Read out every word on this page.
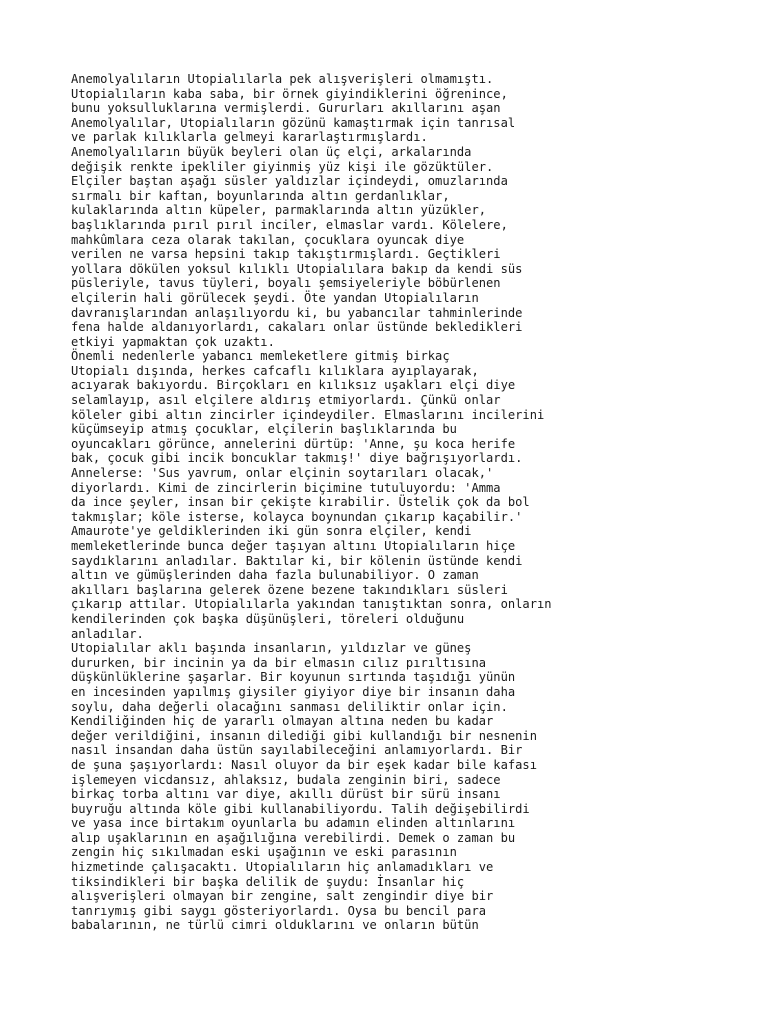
Anemolyalıların Utopialılarla pek alışverişleri olmamıştı.
Utopialıların kaba saba, bir örnek giyindiklerini öğrenince,
bunu yoksulluklarına vermişlerdi. Gururları akıllarını aşan
Anemolyalılar, Utopialıların gözünü kamaştırmak için tanrısal
ve parlak kılıklarla gelmeyi kararlaştırmışlardı.
Anemolyalıların büyük beyleri olan üç elçi, arkalarında
değişik renkte ipekliler giyinmiş yüz kişi ile gözüktüler.
Elçiler baştan aşağı süsler yaldızlar içindeydi, omuzlarında
sırmalı bir kaftan, boyunlarında altın gerdanlıklar,
kulaklarında altın küpeler, parmaklarında altın yüzükler,
başlıklarında pırıl pırıl inciler, elmaslar vardı. Kölelere,
mahkûmlara ceza olarak takılan, çocuklara oyuncak diye
verilen ne varsa hepsini takıp takıştırmışlardı. Geçtikleri
yollara dökülen yoksul kılıklı Utopialılara bakıp da kendi süs
püsleriyle, tavus tüyleri, boyalı şemsiyeleriyle böbürlenen
elçilerin hali görülecek şeydi. Öte yandan Utopialıların
davranışlarından anlaşılıyordu ki, bu yabancılar tahminlerinde
fena halde aldanıyorlardı, cakaları onlar üstünde bekledikleri
etkiyi yapmaktan çok uzaktı.
Önemli nedenlerle yabancı memleketlere gitmiş birkaç
Utopialı dışında, herkes cafcaflı kılıklara ayıplayarak,
acıyarak bakıyordu. Birçokları en kılıksız uşakları elçi diye
selamlayıp, asıl elçilere aldırış etmiyorlardı. Çünkü onlar
köleler gibi altın zincirler içindeydiler. Elmaslarını incilerini
küçümseyip atmış çocuklar, elçilerin başlıklarında bu
oyuncakları görünce, annelerini dürtüp: 'Anne, şu koca herife
bak, çocuk gibi incik boncuklar takmış!' diye bağrışıyorlardı.
Annelerse: 'Sus yavrum, onlar elçinin soytarıları olacak,'
diyorlardı. Kimi de zincirlerin biçimine tutuluyordu: 'Amma
da ince şeyler, insan bir çekişte kırabilir. Üstelik çok da bol
takmışlar; köle isterse, kolayca boynundan çıkarıp kaçabilir.'
Amaurote'ye geldiklerinden iki gün sonra elçiler, kendi
memleketlerinde bunca değer taşıyan altını Utopialıların hiçe
saydıklarını anladılar. Baktılar ki, bir kölenin üstünde kendi
altın ve gümüşlerinden daha fazla bulunabiliyor. O zaman
akılları başlarına gelerek özene bezene takındıkları süsleri
çıkarıp attılar. Utopialılarla yakından tanıştıktan sonra, onların
kendilerinden çok başka düşünüşleri, töreleri olduğunu
anladılar.
Utopialılar aklı başında insanların, yıldızlar ve güneş
dururken, bir incinin ya da bir elmasın cılız pırıltısına
düşkünlüklerine şaşarlar. Bir koyunun sırtında taşıdığı yünün
en incesinden yapılmış giysiler giyiyor diye bir insanın daha
soylu, daha değerli olacağını sanması deliliktir onlar için.
Kendiliğinden hiç de yararlı olmayan altına neden bu kadar
değer verildiğini, insanın dilediği gibi kullandığı bir nesnenin
nasıl insandan daha üstün sayılabileceğini anlamıyorlardı. Bir
de şuna şaşıyorlardı: Nasıl oluyor da bir eşek kadar bile kafası
işlemeyen vicdansız, ahlaksız, budala zenginin biri, sadece
birkaç torba altını var diye, akıllı dürüst bir sürü insanı
buyruğu altında köle gibi kullanabiliyordu. Talih değişebilirdi
ve yasa ince birtakım oyunlarla bu adamın elinden altınlarını
alıp uşaklarının en aşağılığına verebilirdi. Demek o zaman bu
zengin hiç sıkılmadan eski uşağının ve eski parasının
hizmetinde çalışacaktı. Utopialıların hiç anlamadıkları ve
tiksindikleri bir başka delilik de şuydu: İnsanlar hiç
alışverişleri olmayan bir zengine, salt zengindir diye bir
tanrıymış gibi saygı gösteriyorlardı. Oysa bu bencil para
babalarının, ne türlü cimri olduklarını ve onların bütün
